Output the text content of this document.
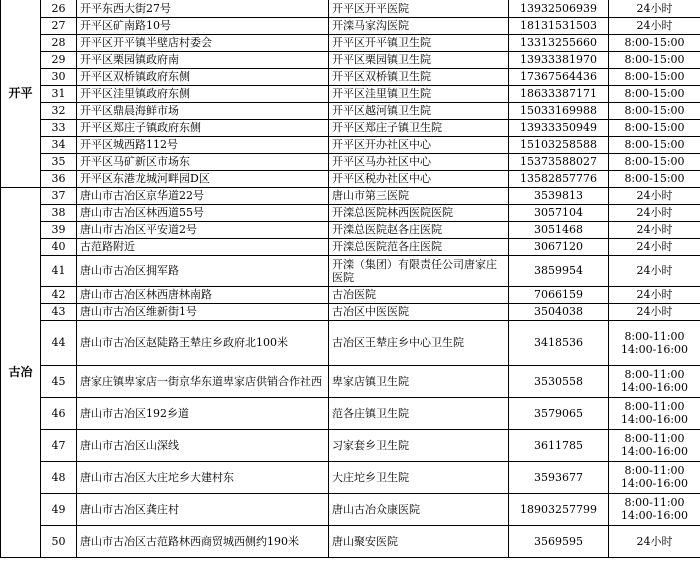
开平	26	开平东西大街27号	开平区开平医院	13932506939	24小时

	27	开平区矿南路10号	开滦马家沟医院	18131531503	24小时

	28	开平区开平镇半壁店村委会	开平区开平镇卫生院	13313255660	8:00-15:00

	29	开平区栗园镇政府南	开平区栗园镇卫生院	13933381970	8:00-15:00

	30	开平区双桥镇政府东侧	开平区双桥镇卫生院	17367564436	8:00-15:00

	31	开平区洼里镇政府东侧	开平区洼里镇卫生院	18633387171	8:00-15:00

	32	开平区鼎晨海鲜市场	开平区越河镇卫生院	15033169988	8:00-15:00

	33	开平区郑庄子镇政府东侧	开平区郑庄子镇卫生院	13933350949	8:00-15:00

	34	开平区城西路112号	开平区开办社区中心	15103258588	8:00-15:00

	35	开平区马矿新区市场东	开平区马办社区中心	15373588027	8:00-15:00

	36	开平区东港龙城河畔园D区	开平区税办社区中心	13582857776	8:00-15:00

古冶	37	唐山市古冶区京华道22号	唐山市第三医院	3539813	24小时

	38	唐山市古冶区林西道55号	开滦总医院林西医院医院	3057104	24小时

	39	唐山市古冶区平安道2号	开滦总医院赵各庄医院	3051468	24小时

	40	古范路附近	开滦总医院范各庄医院	3067120	24小时

	41	唐山市古冶区拥军路	开滦（集团）有限责任公司唐家庄医院	3859954	24小时

	42	唐山市古冶区林西唐林南路	古冶医院	7066159	24小时

	43	唐山市古冶区维新街1号	古冶区中医医院	3504038	24小时

	44	唐山市古冶区赵陡路王辇庄乡政府北100米	古冶区王辇庄乡中心卫生院	3418536	8:00-11:00
14:00-16:00

	45	唐家庄镇卑家店一街京华东道卑家店供销合作社西	卑家店镇卫生院	3530558	8:00-11:00
14:00-16:00

	46	唐山市古冶区192乡道	范各庄镇卫生院	3579065	8:00-11:00
14:00-16:00

	47	唐山市古冶区山深线	习家套乡卫生院	3611785	8:00-11:00
14:00-16:00

	48	唐山市古冶区大庄坨乡大建村东	大庄坨乡卫生院	3593677	8:00-11:00
14:00-16:00

	49	唐山市古冶区龚庄村	唐山古冶众康医院	18903257799	8:00-11:00
14:00-16:00

	50	唐山市古冶区古范路林西商贸城西侧约190米	唐山聚安医院	3569595	24小时
